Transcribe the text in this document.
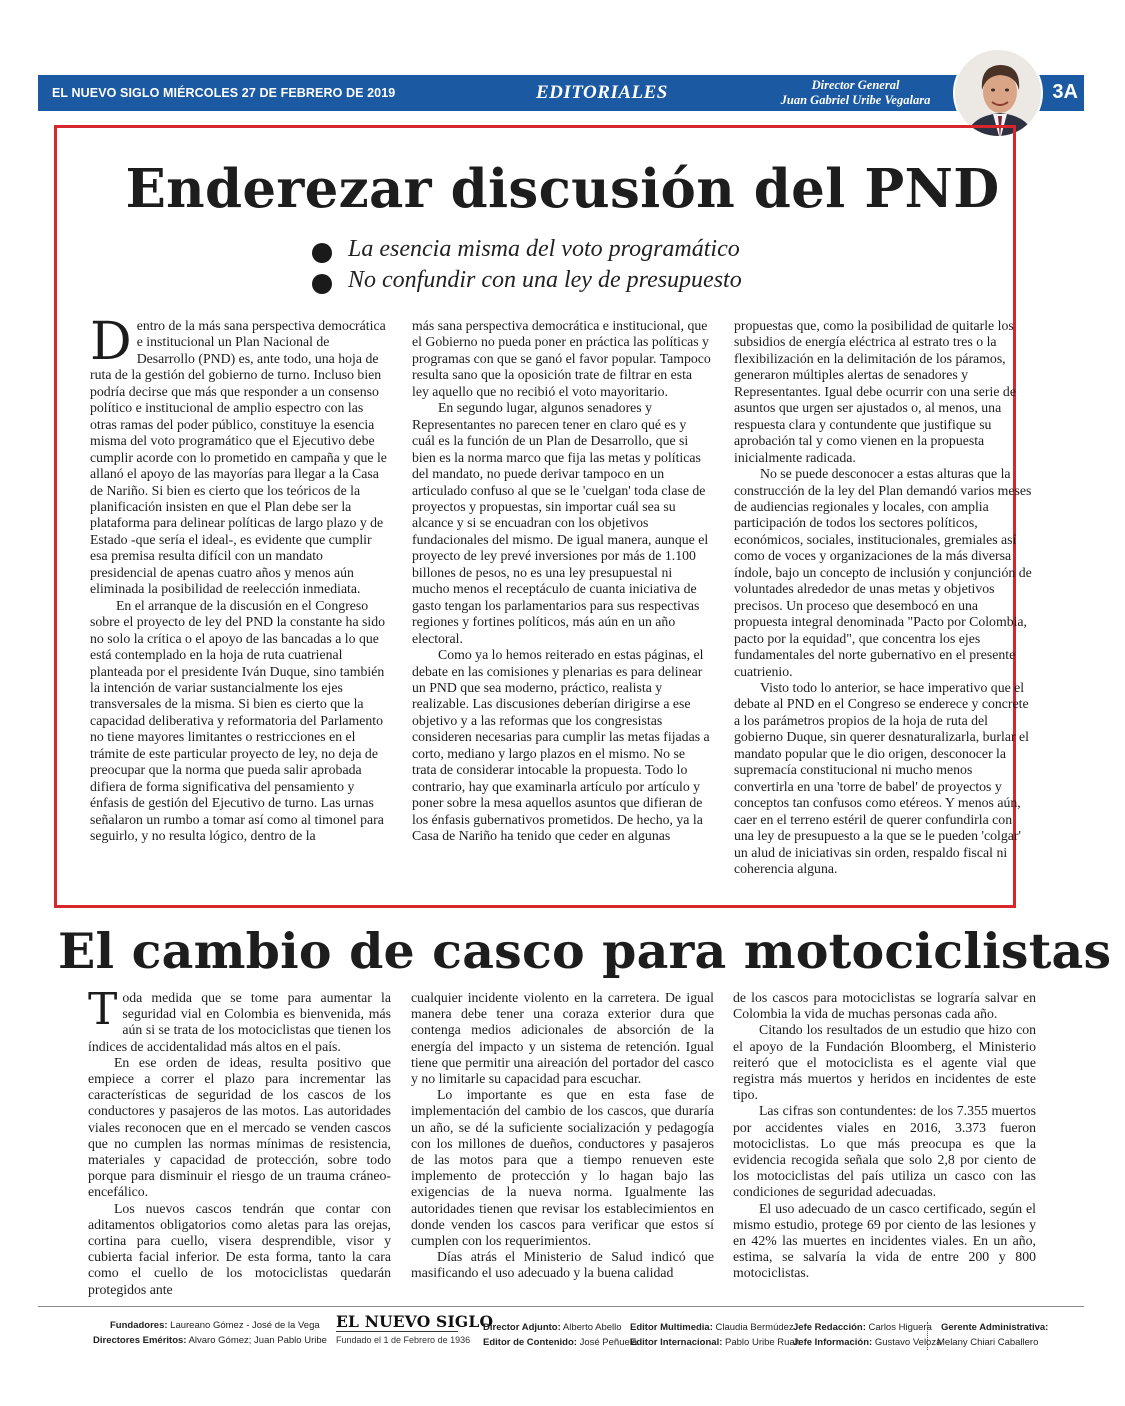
EL NUEVO SIGLO MIÉRCOLES 27 DE FEBRERO DE 2019	EDITORIALES	Director General
Juan Gabriel Uribe Vegalara	3A
Enderezar discusión del PND
La esencia misma del voto programático
No confundir con una ley de presupuesto

Dentro de la más sana perspectiva democrática e institucional un Plan Nacional de Desarrollo (PND) es, ante todo, una hoja de ruta de la gestión del gobierno de turno. Incluso bien podría decirse que más que responder a un consenso político e institucional de amplio espectro con las otras ramas del poder público, constituye la esencia misma del voto programático que el Ejecutivo debe cumplir acorde con lo prometido en campaña y que le allanó el apoyo de las mayorías para llegar a la Casa de Nariño. Si bien es cierto que los teóricos de la planificación insisten en que el Plan debe ser la plataforma para delinear políticas de largo plazo y de Estado -que sería el ideal-, es evidente que cumplir esa premisa resulta difícil con un mandato presidencial de apenas cuatro años y menos aún eliminada la posibilidad de reelección inmediata.

En el arranque de la discusión en el Congreso sobre el proyecto de ley del PND la constante ha sido no solo la crítica o el apoyo de las bancadas a lo que está contemplado en la hoja de ruta cuatrienal planteada por el presidente Iván Duque, sino también la intención de variar sustancialmente los ejes transversales de la misma. Si bien es cierto que la capacidad deliberativa y reformatoria del Parlamento no tiene mayores limitantes o restricciones en el trámite de este particular proyecto de ley, no deja de preocupar que la norma que pueda salir aprobada difiera de forma significativa del pensamiento y énfasis de gestión del Ejecutivo de turno. Las urnas señalaron un rumbo a tomar así como al timonel para seguirlo, y no resulta lógico, dentro de la

más sana perspectiva democrática e institucional, que el Gobierno no pueda poner en práctica las políticas y programas con que se ganó el favor popular. Tampoco resulta sano que la oposición trate de filtrar en esta ley aquello que no recibió el voto mayoritario.

En segundo lugar, algunos senadores y Representantes no parecen tener en claro qué es y cuál es la función de un Plan de Desarrollo, que si bien es la norma marco que fija las metas y políticas del mandato, no puede derivar tampoco en un articulado confuso al que se le 'cuelgan' toda clase de proyectos y propuestas, sin importar cuál sea su alcance y si se encuadran con los objetivos fundacionales del mismo. De igual manera, aunque el proyecto de ley prevé inversiones por más de 1.100 billones de pesos, no es una ley presupuestal ni mucho menos el receptáculo de cuanta iniciativa de gasto tengan los parlamentarios para sus respectivas regiones y fortines políticos, más aún en un año electoral.

Como ya lo hemos reiterado en estas páginas, el debate en las comisiones y plenarias es para delinear un PND que sea moderno, práctico, realista y realizable. Las discusiones deberían dirigirse a ese objetivo y a las reformas que los congresistas consideren necesarias para cumplir las metas fijadas a corto, mediano y largo plazos en el mismo. No se trata de considerar intocable la propuesta. Todo lo contrario, hay que examinarla artículo por artículo y poner sobre la mesa aquellos asuntos que difieran de los énfasis gubernativos prometidos. De hecho, ya la Casa de Nariño ha tenido que ceder en algunas

propuestas que, como la posibilidad de quitarle los subsidios de energía eléctrica al estrato tres o la flexibilización en la delimitación de los páramos, generaron múltiples alertas de senadores y Representantes. Igual debe ocurrir con una serie de asuntos que urgen ser ajustados o, al menos, una respuesta clara y contundente que justifique su aprobación tal y como vienen en la propuesta inicialmente radicada.

No se puede desconocer a estas alturas que la construcción de la ley del Plan demandó varios meses de audiencias regionales y locales, con amplia participación de todos los sectores políticos, económicos, sociales, institucionales, gremiales así como de voces y organizaciones de la más diversa índole, bajo un concepto de inclusión y conjunción de voluntades alrededor de unas metas y objetivos precisos. Un proceso que desembocó en una propuesta integral denominada "Pacto por Colombia, pacto por la equidad", que concentra los ejes fundamentales del norte gubernativo en el presente cuatrienio.

Visto todo lo anterior, se hace imperativo que el debate al PND en el Congreso se enderece y concrete a los parámetros propios de la hoja de ruta del gobierno Duque, sin querer desnaturalizarla, burlar el mandato popular que le dio origen, desconocer la supremacía constitucional ni mucho menos convertirla en una 'torre de babel' de proyectos y conceptos tan confusos como etéreos. Y menos aún, caer en el terreno estéril de querer confundirla con una ley de presupuesto a la que se le pueden 'colgar' un alud de iniciativas sin orden, respaldo fiscal ni coherencia alguna.

El cambio de casco para motociclistas

Toda medida que se tome para aumentar la seguridad vial en Colombia es bienvenida, más aún si se trata de los motociclistas que tienen los índices de accidentalidad más altos en el país.

En ese orden de ideas, resulta positivo que empiece a correr el plazo para incrementar las características de seguridad de los cascos de los conductores y pasajeros de las motos. Las autoridades viales reconocen que en el mercado se venden cascos que no cumplen las normas mínimas de resistencia, materiales y capacidad de protección, sobre todo porque para disminuir el riesgo de un trauma cráneo-encefálico.

Los nuevos cascos tendrán que contar con aditamentos obligatorios como aletas para las orejas, cortina para cuello, visera desprendible, visor y cubierta facial inferior. De esta forma, tanto la cara como el cuello de los motociclistas quedarán protegidos ante

cualquier incidente violento en la carretera. De igual manera debe tener una coraza exterior dura que contenga medios adicionales de absorción de la energía del impacto y un sistema de retención. Igual tiene que permitir una aireación del portador del casco y no limitarle su capacidad para escuchar.

Lo importante es que en esta fase de implementación del cambio de los cascos, que duraría un año, se dé la suficiente socialización y pedagogía con los millones de dueños, conductores y pasajeros de las motos para que a tiempo renueven este implemento de protección y lo hagan bajo las exigencias de la nueva norma. Igualmente las autoridades tienen que revisar los establecimientos en donde venden los cascos para verificar que estos sí cumplen con los requerimientos.

Días atrás el Ministerio de Salud indicó que masificando el uso adecuado y la buena calidad

de los cascos para motociclistas se lograría salvar en Colombia la vida de muchas personas cada año.

Citando los resultados de un estudio que hizo con el apoyo de la Fundación Bloomberg, el Ministerio reiteró que el motociclista es el agente vial que registra más muertos y heridos en incidentes de este tipo.

Las cifras son contundentes: de los 7.355 muertos por accidentes viales en 2016, 3.373 fueron motociclistas. Lo que más preocupa es que la evidencia recogida señala que solo 2,8 por ciento de los motociclistas del país utiliza un casco con las condiciones de seguridad adecuadas.

El uso adecuado de un casco certificado, según el mismo estudio, protege 69 por ciento de las lesiones y en 42% las muertes en incidentes viales. En un año, estima, se salvaría la vida de entre 200 y 800 motociclistas.

Fundadores: Laureano Gómez - José de la Vega
Directores Eméritos: Alvaro Gómez; Juan Pablo Uribe
EL NUEVO SIGLO
Fundado el 1 de Febrero de 1936
Director Adjunto: Alberto Abello
Editor de Contenido: José Peñuela
Editor Multimedia: Claudia Bermúdez
Editor Internacional: Pablo Uribe Ruan
Jefe Redacción: Carlos Higuera
Jefe Información: Gustavo Veloza
Gerente Administrativa:
Melany Chiari Caballero
